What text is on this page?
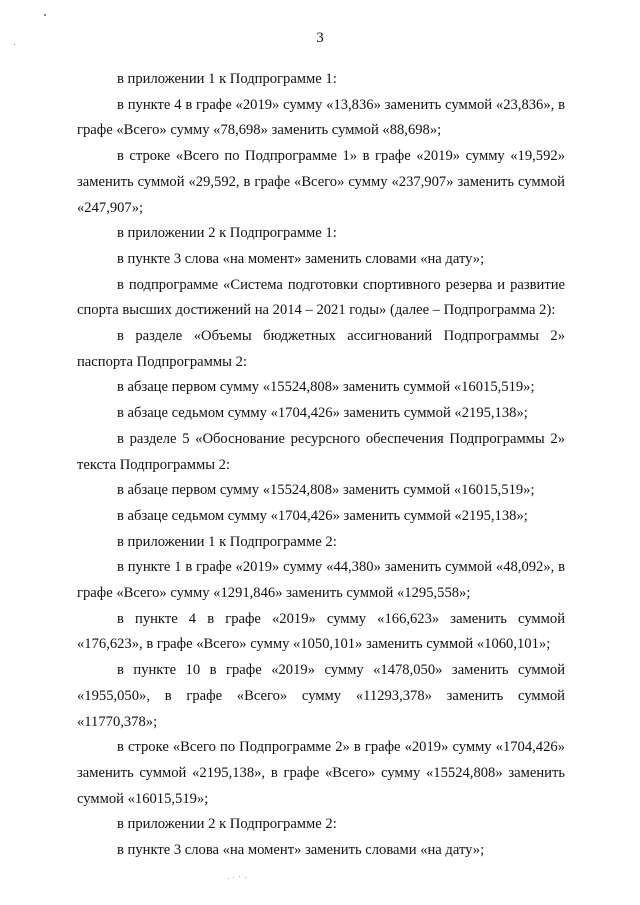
3

в приложении 1 к Подпрограмме 1:

в пункте 4 в графе «2019» сумму «13,836» заменить суммой «23,836», в графе «Всего» сумму «78,698» заменить суммой «88,698»;

в строке «Всего по Подпрограмме 1» в графе «2019» сумму «19,592» заменить суммой «29,592, в графе «Всего» сумму «237,907» заменить суммой «247,907»;

в приложении 2 к Подпрограмме 1:

в пункте 3 слова «на момент» заменить словами «на дату»;

в подпрограмме «Система подготовки спортивного резерва и развитие спорта высших достижений на 2014 – 2021 годы» (далее – Подпрограмма 2):

в разделе «Объемы бюджетных ассигнований Подпрограммы 2» паспорта Подпрограммы 2:

в абзаце первом сумму «15524,808» заменить суммой «16015,519»;

в абзаце седьмом сумму «1704,426» заменить суммой «2195,138»;

в разделе 5 «Обоснование ресурсного обеспечения Подпрограммы 2» текста Подпрограммы 2:

в абзаце первом сумму «15524,808» заменить суммой «16015,519»;

в абзаце седьмом сумму «1704,426» заменить суммой «2195,138»;

в приложении 1 к Подпрограмме 2:

в пункте 1 в графе «2019» сумму «44,380» заменить суммой «48,092», в графе «Всего» сумму «1291,846» заменить суммой «1295,558»;

в пункте 4 в графе «2019» сумму «166,623» заменить суммой «176,623», в графе «Всего» сумму «1050,101» заменить суммой «1060,101»;

в пункте 10 в графе «2019» сумму «1478,050» заменить суммой «1955,050», в графе «Всего» сумму «11293,378» заменить суммой «11770,378»;

в строке «Всего по Подпрограмме 2» в графе «2019» сумму «1704,426» заменить суммой «2195,138», в графе «Всего» сумму «15524,808» заменить суммой «16015,519»;

в приложении 2 к Подпрограмме 2:

в пункте 3 слова «на момент» заменить словами «на дату»;
